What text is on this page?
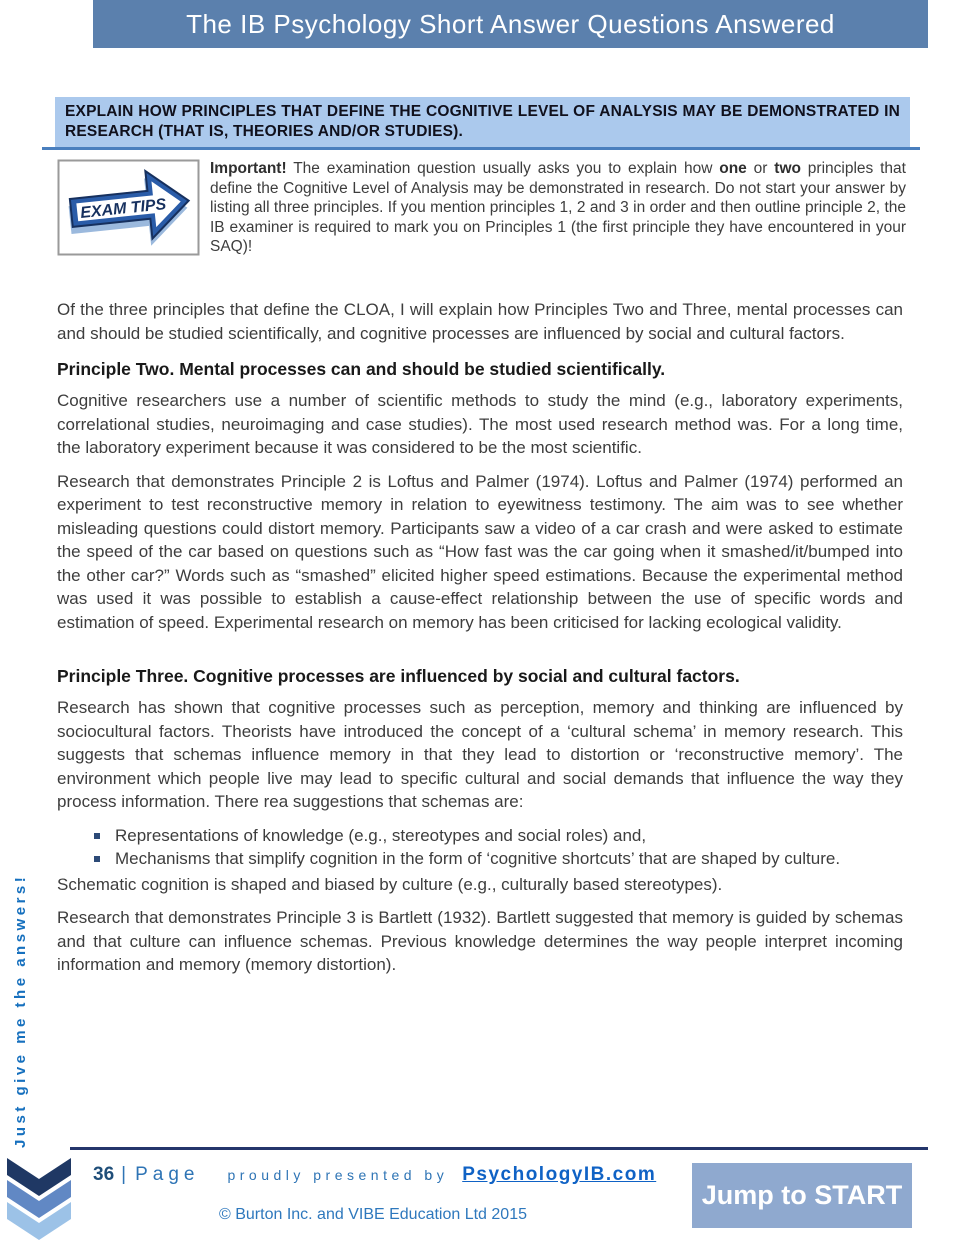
The IB Psychology Short Answer Questions Answered
EXPLAIN HOW PRINCIPLES THAT DEFINE THE COGNITIVE LEVEL OF ANALYSIS MAY BE DEMONSTRATED IN RESEARCH (THAT IS, THEORIES AND/OR STUDIES).
EXAM TIPS

Important! The examination question usually asks you to explain how one or two principles that define the Cognitive Level of Analysis may be demonstrated in research. Do not start your answer by listing all three principles. If you mention principles 1, 2 and 3 in order and then outline principle 2, the IB examiner is required to mark you on Principles 1 (the first principle they have encountered in your SAQ)!

Of the three principles that define the CLOA, I will explain how Principles Two and Three, mental processes can and should be studied scientifically, and cognitive processes are influenced by social and cultural factors.

Principle Two. Mental processes can and should be studied scientifically.

Cognitive researchers use a number of scientific methods to study the mind (e.g., laboratory experiments, correlational studies, neuroimaging and case studies). The most used research method was. For a long time, the laboratory experiment because it was considered to be the most scientific.

Research that demonstrates Principle 2 is Loftus and Palmer (1974). Loftus and Palmer (1974) performed an experiment to test reconstructive memory in relation to eyewitness testimony. The aim was to see whether misleading questions could distort memory. Participants saw a video of a car crash and were asked to estimate the speed of the car based on questions such as “How fast was the car going when it smashed/it/bumped into the other car?” Words such as “smashed” elicited higher speed estimations. Because the experimental method was used it was possible to establish a cause-effect relationship between the use of specific words and estimation of speed. Experimental research on memory has been criticised for lacking ecological validity.

Principle Three. Cognitive processes are influenced by social and cultural factors.

Research has shown that cognitive processes such as perception, memory and thinking are influenced by sociocultural factors. Theorists have introduced the concept of a ‘cultural schema’ in memory research. This suggests that schemas influence memory in that they lead to distortion or ‘reconstructive memory’. The environment which people live may lead to specific cultural and social demands that influence the way they process information. There rea suggestions that schemas are:

Representations of knowledge (e.g., stereotypes and social roles) and,
Mechanisms that simplify cognition in the form of ‘cognitive shortcuts’ that are shaped by culture.

Schematic cognition is shaped and biased by culture (e.g., culturally based stereotypes).

Research that demonstrates Principle 3 is Bartlett (1932). Bartlett suggested that memory is guided by schemas and that culture can influence schemas. Previous knowledge determines the way people interpret incoming information and memory (memory distortion).

Just give me the answers!
36 | Page proudly presented by PsychologyIB.com
© Burton Inc. and VIBE Education Ltd 2015
Jump to START
